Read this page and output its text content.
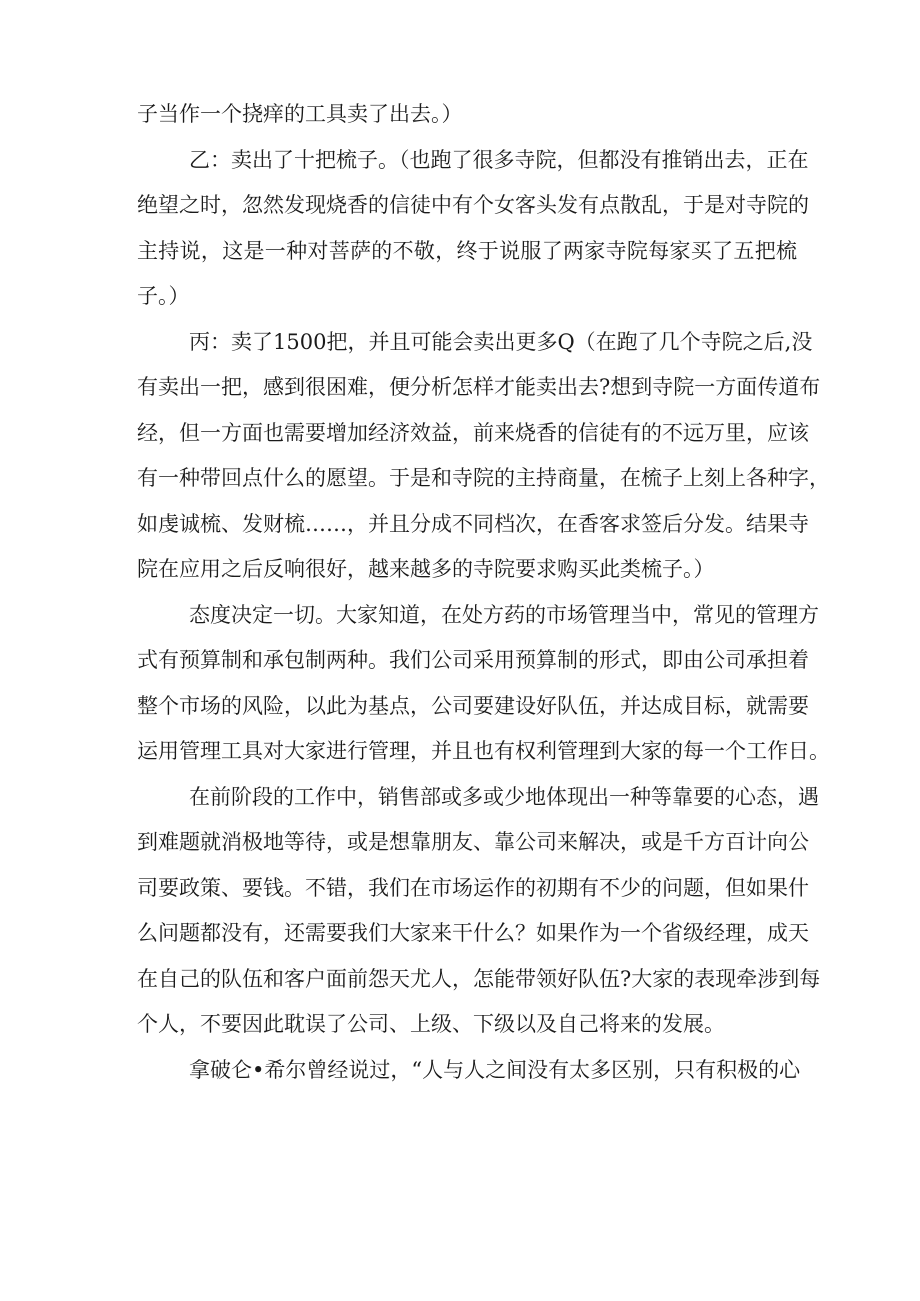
子当作一个挠痒的工具卖了出去。）
乙：卖出了十把梳子。（也跑了很多寺院，但都没有推销出去，正在
绝望之时，忽然发现烧香的信徒中有个女客头发有点散乱，于是对寺院的
主持说，这是一种对菩萨的不敬，终于说服了两家寺院每家买了五把梳
子。）
丙：卖了1500把，并且可能会卖出更多Q（在跑了几个寺院之后,没
有卖出一把，感到很困难，便分析怎样才能卖出去?想到寺院一方面传道布
经，但一方面也需要增加经济效益，前来烧香的信徒有的不远万里，应该
有一种带回点什么的愿望。于是和寺院的主持商量，在梳子上刻上各种字，
如虔诚梳、发财梳……，并且分成不同档次，在香客求签后分发。结果寺
院在应用之后反响很好，越来越多的寺院要求购买此类梳子。）
态度决定一切。大家知道，在处方药的市场管理当中，常见的管理方
式有预算制和承包制两种。我们公司采用预算制的形式，即由公司承担着
整个市场的风险，以此为基点，公司要建设好队伍，并达成目标，就需要
运用管理工具对大家进行管理，并且也有权利管理到大家的每一个工作日。
在前阶段的工作中，销售部或多或少地体现出一种等靠要的心态，遇
到难题就消极地等待，或是想靠朋友、靠公司来解决，或是千方百计向公
司要政策、要钱。不错，我们在市场运作的初期有不少的问题，但如果什
么问题都没有，还需要我们大家来干什么？如果作为一个省级经理，成天
在自己的队伍和客户面前怨天尤人，怎能带领好队伍?大家的表现牵涉到每
个人，不要因此耽误了公司、上级、下级以及自己将来的发展。
拿破仑•希尔曾经说过，“人与人之间没有太多区别，只有积极的心
